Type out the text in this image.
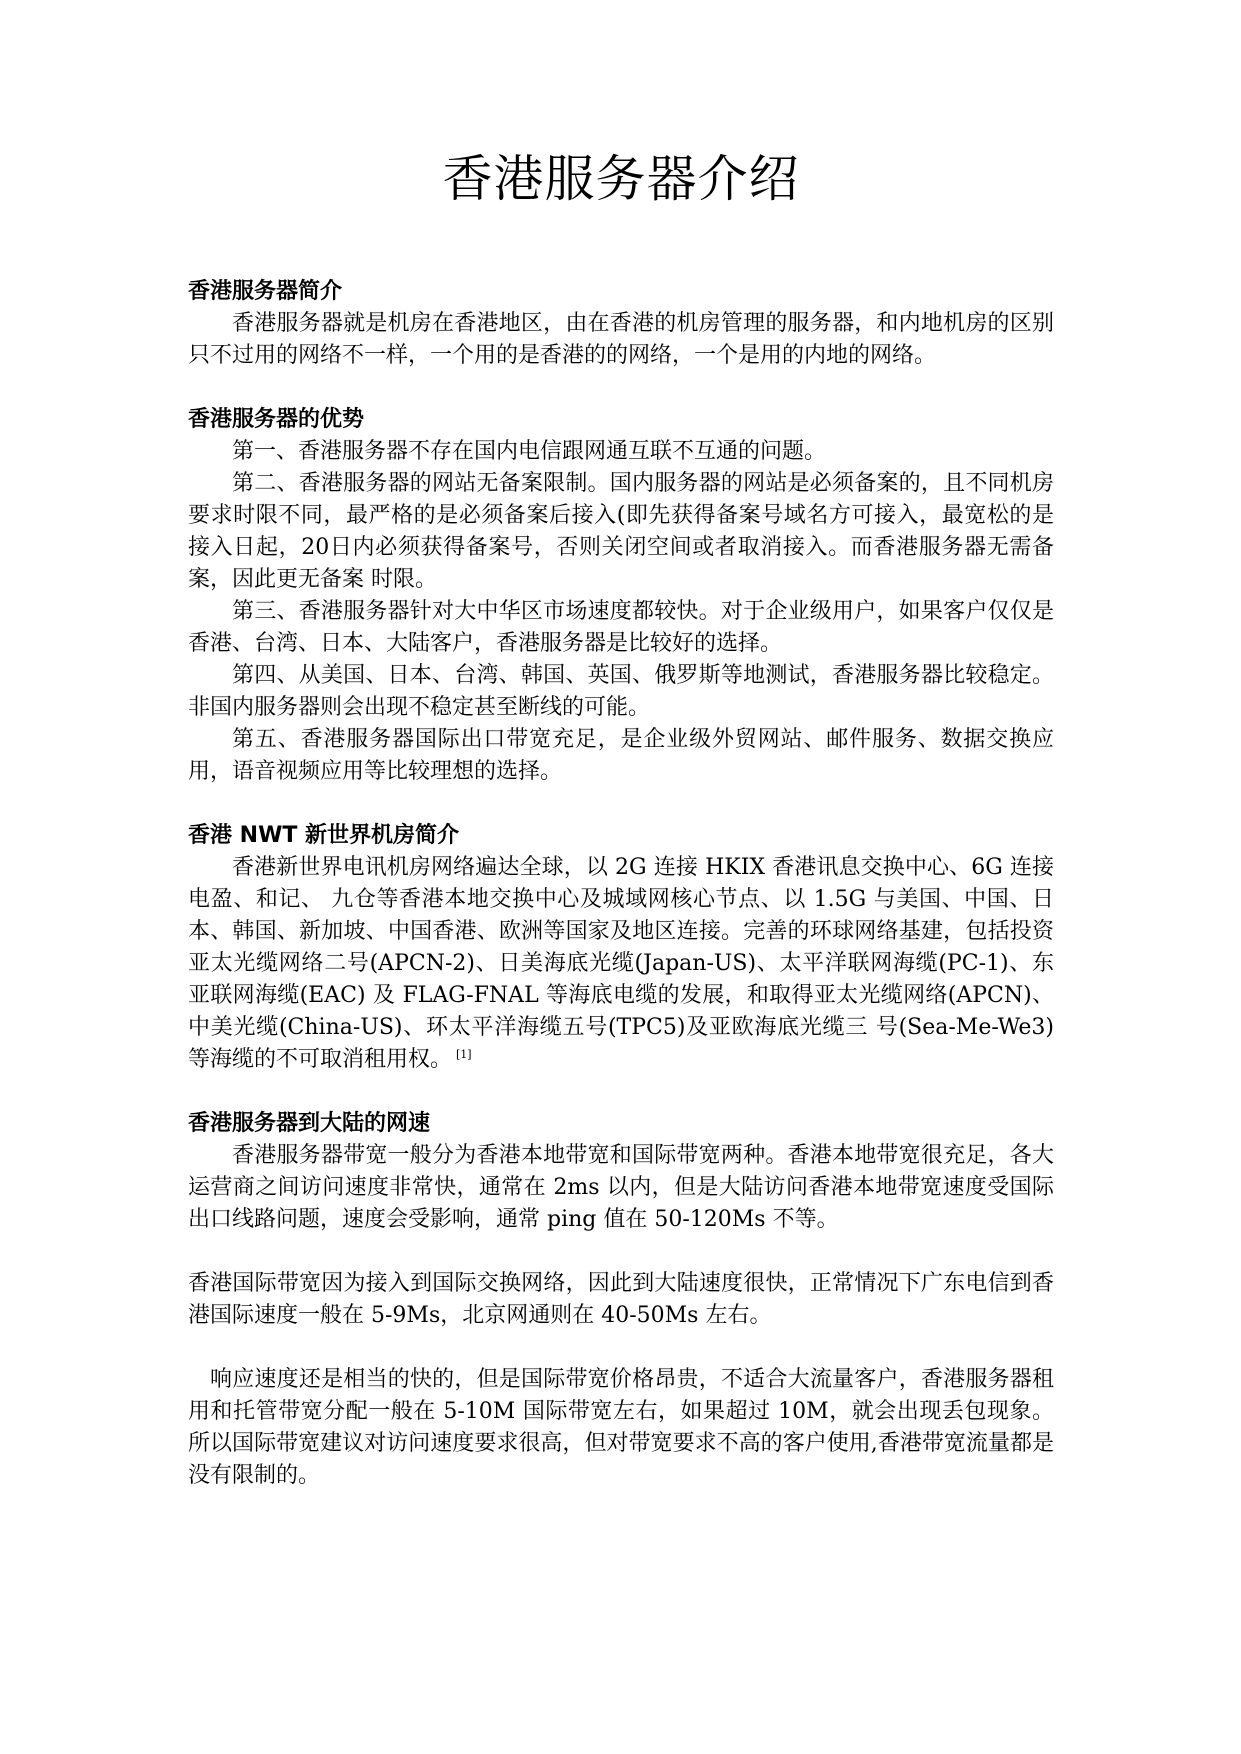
香港服务器介绍
香港服务器简介

香港服务器就是机房在香港地区，由在香港的机房管理的服务器，和内地机房的区别只不过用的网络不一样，一个用的是香港的的网络，一个是用的内地的网络。

香港服务器的优势

第一、香港服务器不存在国内电信跟网通互联不互通的问题。

第二、香港服务器的网站无备案限制。国内服务器的网站是必须备案的，且不同机房要求时限不同，最严格的是必须备案后接入(即先获得备案号域名方可接入，最宽松的是接入日起，20日内必须获得备案号，否则关闭空间或者取消接入。而香港服务器无需备案，因此更无备案 时限。

第三、香港服务器针对大中华区市场速度都较快。对于企业级用户，如果客户仅仅是香港、台湾、日本、大陆客户，香港服务器是比较好的选择。

第四、从美国、日本、台湾、韩国、英国、俄罗斯等地测试，香港服务器比较稳定。非国内服务器则会出现不稳定甚至断线的可能。

第五、香港服务器国际出口带宽充足，是企业级外贸网站、邮件服务、数据交换应用，语音视频应用等比较理想的选择。

香港 NWT 新世界机房简介

香港新世界电讯机房网络遍达全球，以 2G 连接 HKIX 香港讯息交换中心、6G 连接电盈、和记、 九仓等香港本地交换中心及城域网核心节点、以 1.5G 与美国、中国、日本、韩国、新加坡、中国香港、欧洲等国家及地区连接。完善的环球网络基建，包括投资 亚太光缆网络二号(APCN-2)、日美海底光缆(Japan-US)、太平洋联网海缆(PC-1)、东亚联网海缆(EAC) 及 FLAG-FNAL 等海底电缆的发展，和取得亚太光缆网络(APCN)、中美光缆(China-US)、环太平洋海缆五号(TPC5)及亚欧海底光缆三 号(Sea-Me-We3)等海缆的不可取消租用权。 [1]

香港服务器到大陆的网速

香港服务器带宽一般分为香港本地带宽和国际带宽两种。香港本地带宽很充足，各大运营商之间访问速度非常快，通常在 2ms 以内，但是大陆访问香港本地带宽速度受国际出口线路问题，速度会受影响，通常 ping 值在 50-120Ms 不等。

香港国际带宽因为接入到国际交换网络，因此到大陆速度很快，正常情况下广东电信到香港国际速度一般在 5-9Ms，北京网通则在 40-50Ms 左右。

响应速度还是相当的快的，但是国际带宽价格昂贵，不适合大流量客户，香港服务器租用和托管带宽分配一般在 5-10M 国际带宽左右，如果超过 10M，就会出现丢包现象。所以国际带宽建议对访问速度要求很高，但对带宽要求不高的客户使用,香港带宽流量都是没有限制的。
